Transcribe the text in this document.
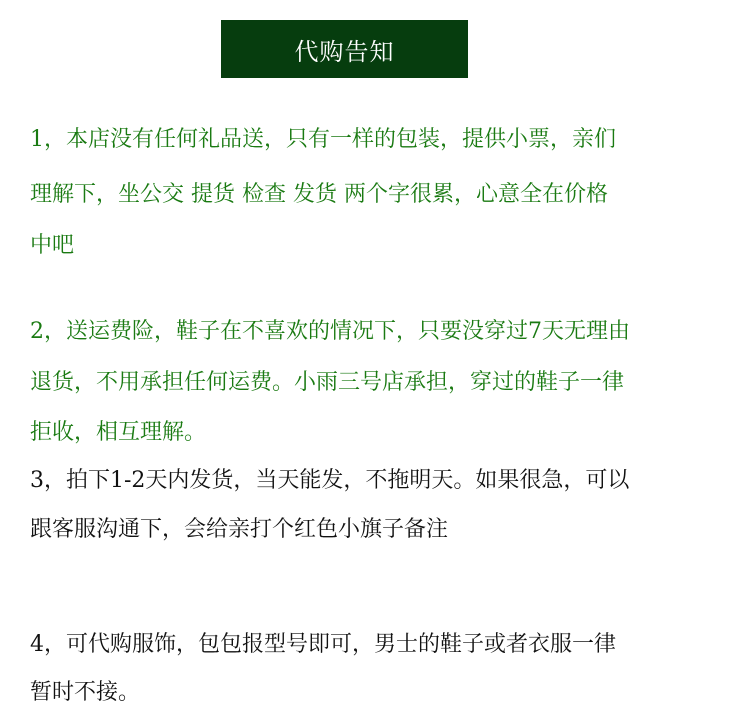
代购告知
1，本店没有任何礼品送，只有一样的包装，提供小票，亲们
理解下，坐公交 提货 检查 发货 两个字很累，心意全在价格
中吧
2，送运费险，鞋子在不喜欢的情况下，只要没穿过7天无理由
退货，不用承担任何运费。小雨三号店承担，穿过的鞋子一律
拒收，相互理解。
3，拍下1-2天内发货，当天能发，不拖明天。如果很急，可以
跟客服沟通下，会给亲打个红色小旗子备注
4，可代购服饰，包包报型号即可，男士的鞋子或者衣服一律
暂时不接。
